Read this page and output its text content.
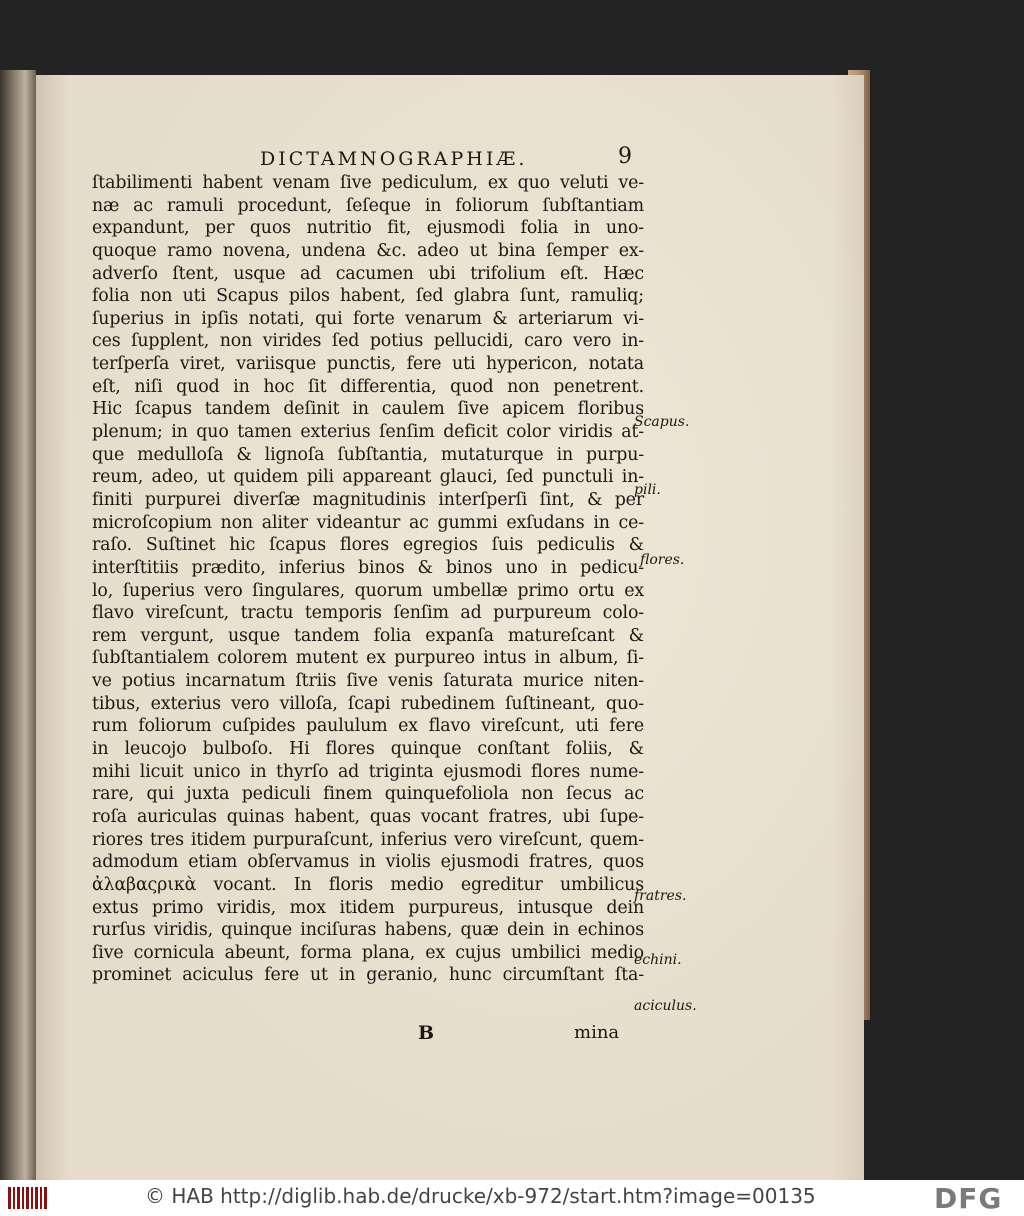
DICTAMNOGRAPHIÆ.	9
ſtabilimenti habent venam ſive pediculum, ex quo veluti ve-
næ ac ramuli procedunt, ſeſeque in foliorum ſubſtantiam
expandunt, per quos nutritio fit, ejusmodi folia in uno-
quoque ramo novena, undena &c. adeo ut bina ſemper ex-
adverſo ſtent, usque ad cacumen ubi trifolium eſt. Hæc
folia non uti Scapus pilos habent, ſed glabra ſunt, ramuliq;
ſuperius in ipſis notati, qui forte venarum & arteriarum vi-
ces ſupplent, non virides ſed potius pellucidi, caro vero in-
terſperſa viret, variisque punctis, fere uti hypericon, notata
eſt, niſi quod in hoc ſit differentia, quod non penetrent.
Hic ſcapus tandem deſinit in caulem ſive apicem floribus
plenum; in quo tamen exterius ſenſim deficit color viridis at-
que medulloſa & lignoſa ſubſtantia, mutaturque in purpu-
reum, adeo, ut quidem pili appareant glauci, ſed punctuli in-
finiti purpurei diverſæ magnitudinis interſperſi ſint, & per
microſcopium non aliter videantur ac gummi exſudans in ce-
raſo. Suſtinet hic ſcapus flores egregios ſuis pediculis &
interſtitiis prædito, inferius binos & binos uno in pedicu-
lo, ſuperius vero ſingulares, quorum umbellæ primo ortu ex
flavo vireſcunt, tractu temporis ſenſim ad purpureum colo-
rem vergunt, usque tandem folia expanſa matureſcant &
ſubſtantialem colorem mutent ex purpureo intus in album, ſi-
ve potius incarnatum ſtriis ſive venis ſaturata murice niten-
tibus, exterius vero villoſa, ſcapi rubedinem ſuſtineant, quo-
rum foliorum cuſpides paululum ex flavo vireſcunt, uti fere
in leucojo bulboſo. Hi flores quinque conſtant foliis, &
mihi licuit unico in thyrſo ad triginta ejusmodi flores nume-
rare, qui juxta pediculi finem quinquefoliola non ſecus ac
roſa auriculas quinas habent, quas vocant fratres, ubi ſupe-
riores tres itidem purpuraſcunt, inferius vero vireſcunt, quem-
admodum etiam obſervamus in violis ejusmodi fratres, quos
ἀλαβαςρικὰ vocant. In floris medio egreditur umbilicus
extus primo viridis, mox itidem purpureus, intusque dein
rurſus viridis, quinque inciſuras habens, quæ dein in echinos
ſive cornicula abeunt, forma plana, ex cujus umbilici medio
prominet aciculus fere ut in geranio, hunc circumſtant ſta-
Scapus.
pili.
flores.
fratres.
echini.
aciculus.
B	mina
© HAB http://diglib.hab.de/drucke/xb-972/start.htm?image=00135	DFG
